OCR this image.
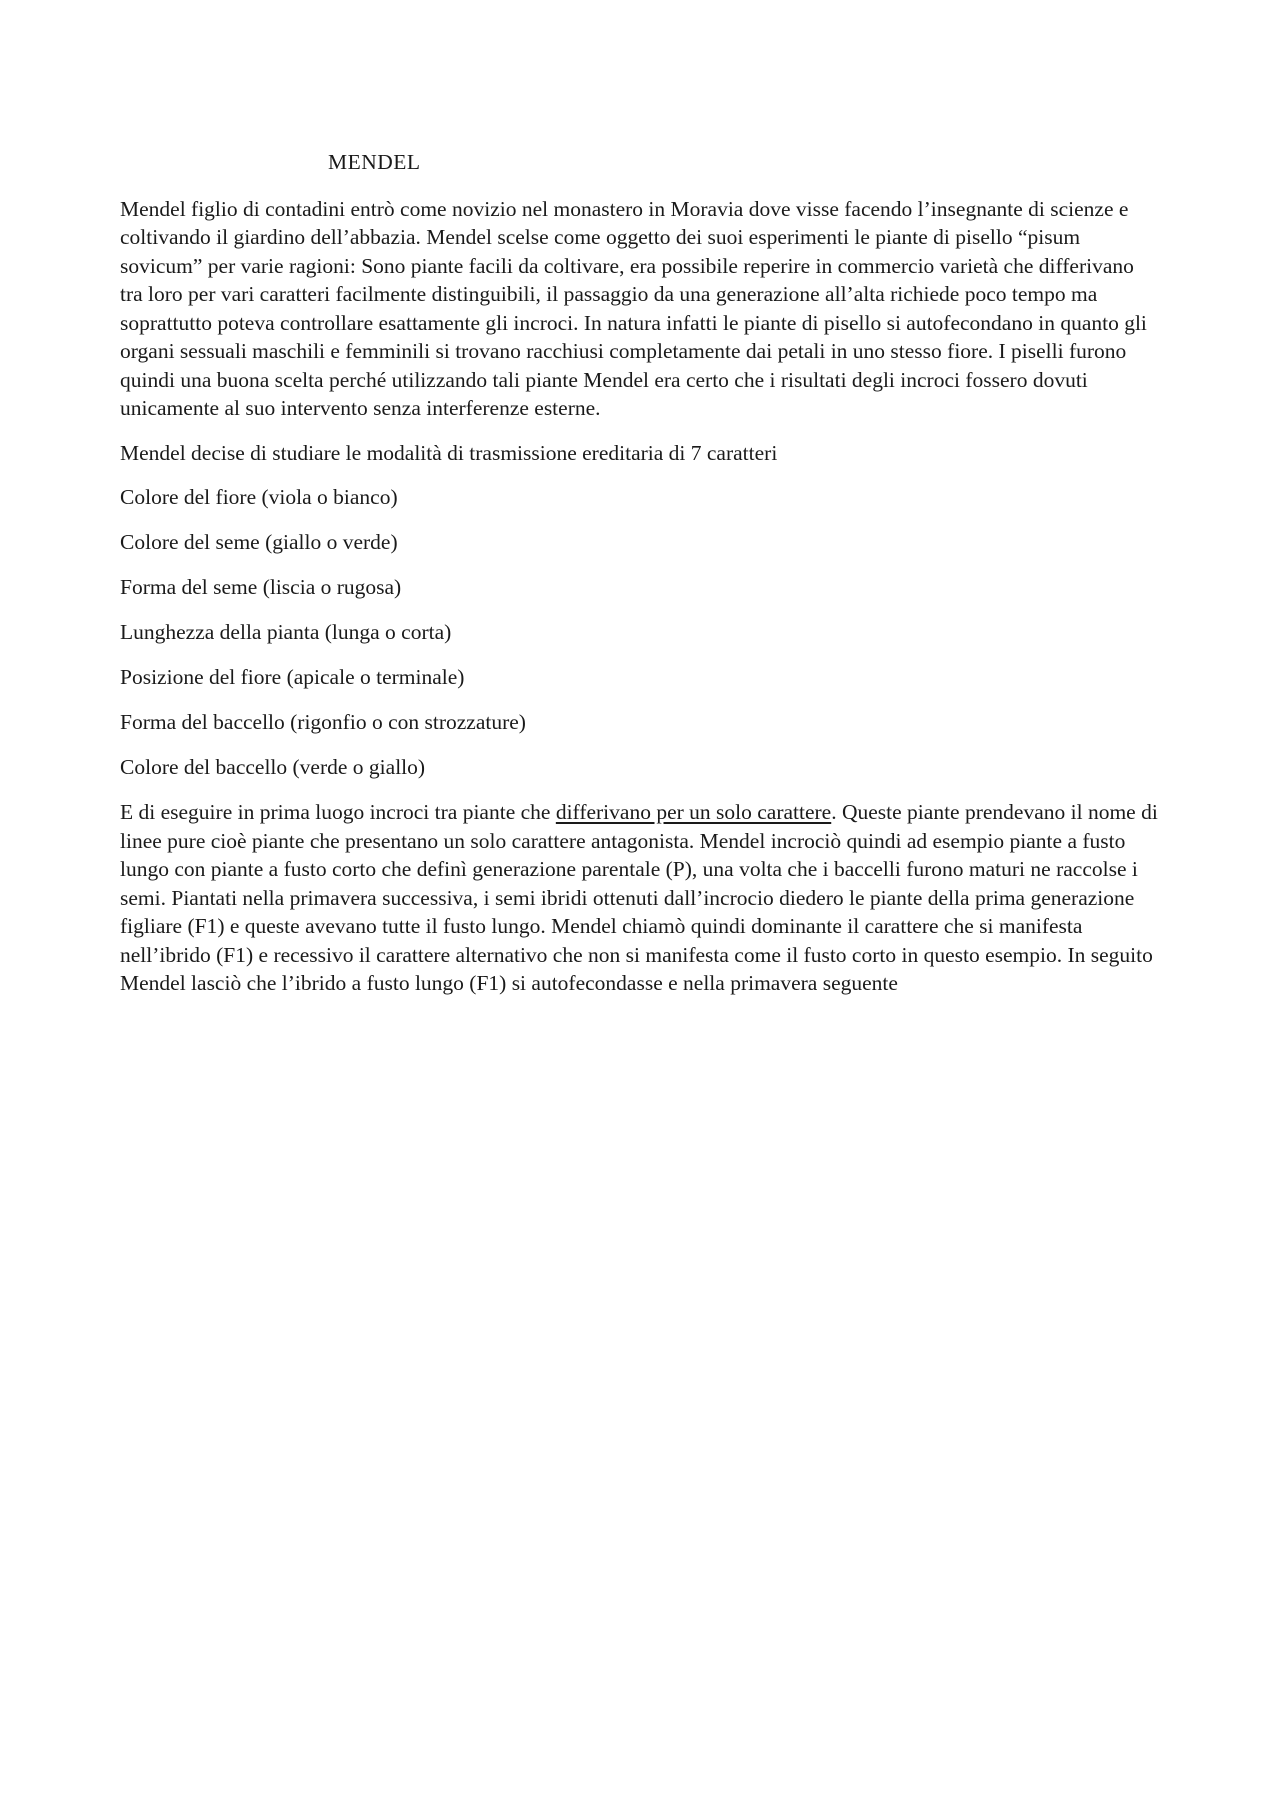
MENDEL

Mendel figlio di contadini entrò come novizio nel monastero in Moravia dove visse facendo l’insegnante di scienze e coltivando il giardino dell’abbazia. Mendel scelse come oggetto dei suoi esperimenti le piante di pisello “pisum sovicum” per varie ragioni: Sono piante facili da coltivare, era possibile reperire in commercio varietà che differivano tra loro per vari caratteri facilmente distinguibili, il passaggio da una generazione all’alta richiede poco tempo ma soprattutto poteva controllare esattamente gli incroci. In natura infatti le piante di pisello si autofecondano in quanto gli organi sessuali maschili e femminili si trovano racchiusi completamente dai petali in uno stesso fiore. I piselli furono quindi una buona scelta perché utilizzando tali piante Mendel era certo che i risultati degli incroci fossero dovuti unicamente al suo intervento senza interferenze esterne.

Mendel decise di studiare le modalità di trasmissione ereditaria di 7 caratteri

Colore del fiore (viola o bianco)
Colore del seme (giallo o verde)
Forma del seme (liscia o rugosa)
Lunghezza della pianta (lunga o corta)
Posizione del fiore (apicale o terminale)
Forma del baccello (rigonfio o con strozzature)
Colore del baccello (verde o giallo)

E di eseguire in prima luogo incroci tra piante che differivano per un solo carattere. Queste piante prendevano il nome di linee pure cioè piante che presentano un solo carattere antagonista. Mendel incrociò quindi ad esempio piante a fusto lungo con piante a fusto corto che definì generazione parentale (P), una volta che i baccelli furono maturi ne raccolse i semi. Piantati nella primavera successiva, i semi ibridi ottenuti dall’incrocio diedero le piante della prima generazione figliare (F1) e queste avevano tutte il fusto lungo. Mendel chiamò quindi dominante il carattere che si manifesta nell’ibrido (F1) e recessivo il carattere alternativo che non si manifesta come il fusto corto in questo esempio. In seguito Mendel lasciò che l’ibrido a fusto lungo (F1) si autofecondasse e nella primavera seguente
